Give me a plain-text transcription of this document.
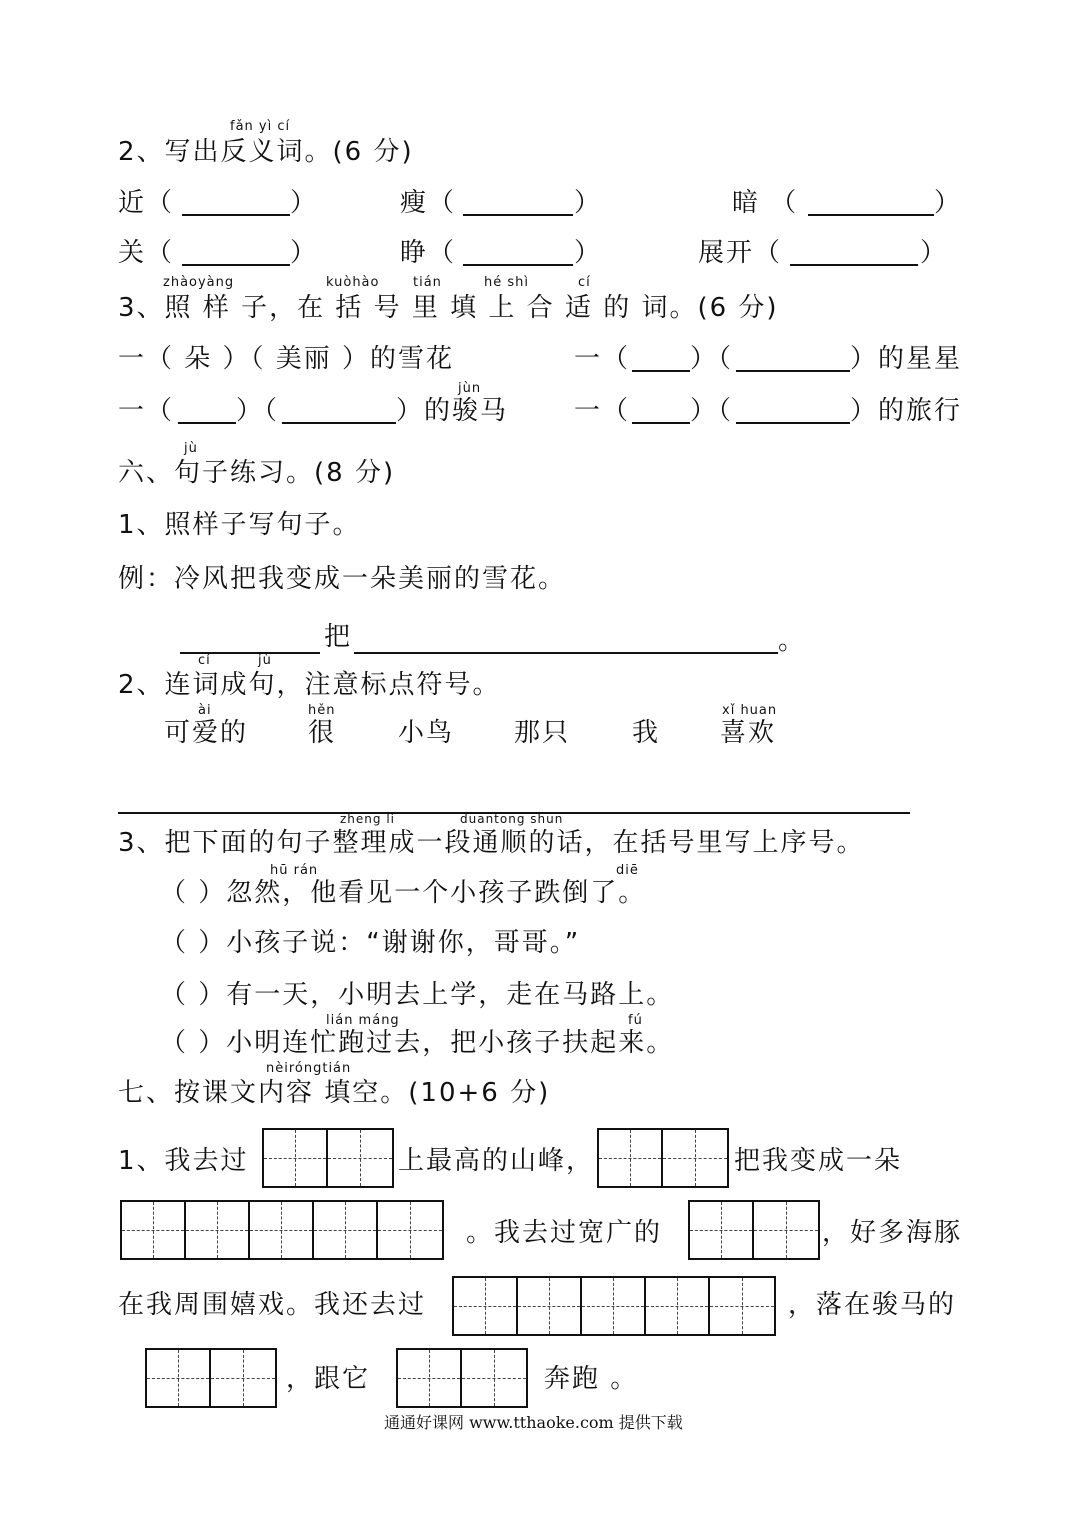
fǎn yì cí
2、写出反义词。(6 分)
近（	）	瘦（	）	暗 （	）
关（	）	睁（	）	展开（	）
zhàoyàng	kuòhào	tián	hé shì	cí
3、照 样 子，在 括 号 里 填 上 合 适 的 词。(6 分)
一（ 朵 ）（ 美丽 ）的雪花	一（ ）（	）的星星
jùn
一（ ）（	）的骏马	一（ ）（	）的旅行
jù
六、句子练习。(8 分)
1、照样子写句子。
例：冷风把我变成一朵美丽的雪花。
把	。
cí	jù
2、连词成句，注意标点符号。
ài	hěn	xǐ huan
可爱的 很 小鸟 那只 我 喜欢
zheng li	duantong shun
3、把下面的句子整理成一段通顺的话，在括号里写上序号。
hū rán	diē
（ ）忽然，他看见一个小孩子跌倒了。
（ ）小孩子说：“谢谢你，哥哥。”
（ ）有一天，小明去上学，走在马路上。
lián máng	fú
（ ）小明连忙跑过去，把小孩子扶起来。
nèiróngtián
七、按课文内容 填空。(10+6 分)
1、我去过	上最高的山峰，	把我变成一朵
。我去过宽广的	，好多海豚
在我周围嬉戏。我还去过	，落在骏马的
，跟它	奔跑 。
通通好课网 www.tthaoke.com 提供下载
